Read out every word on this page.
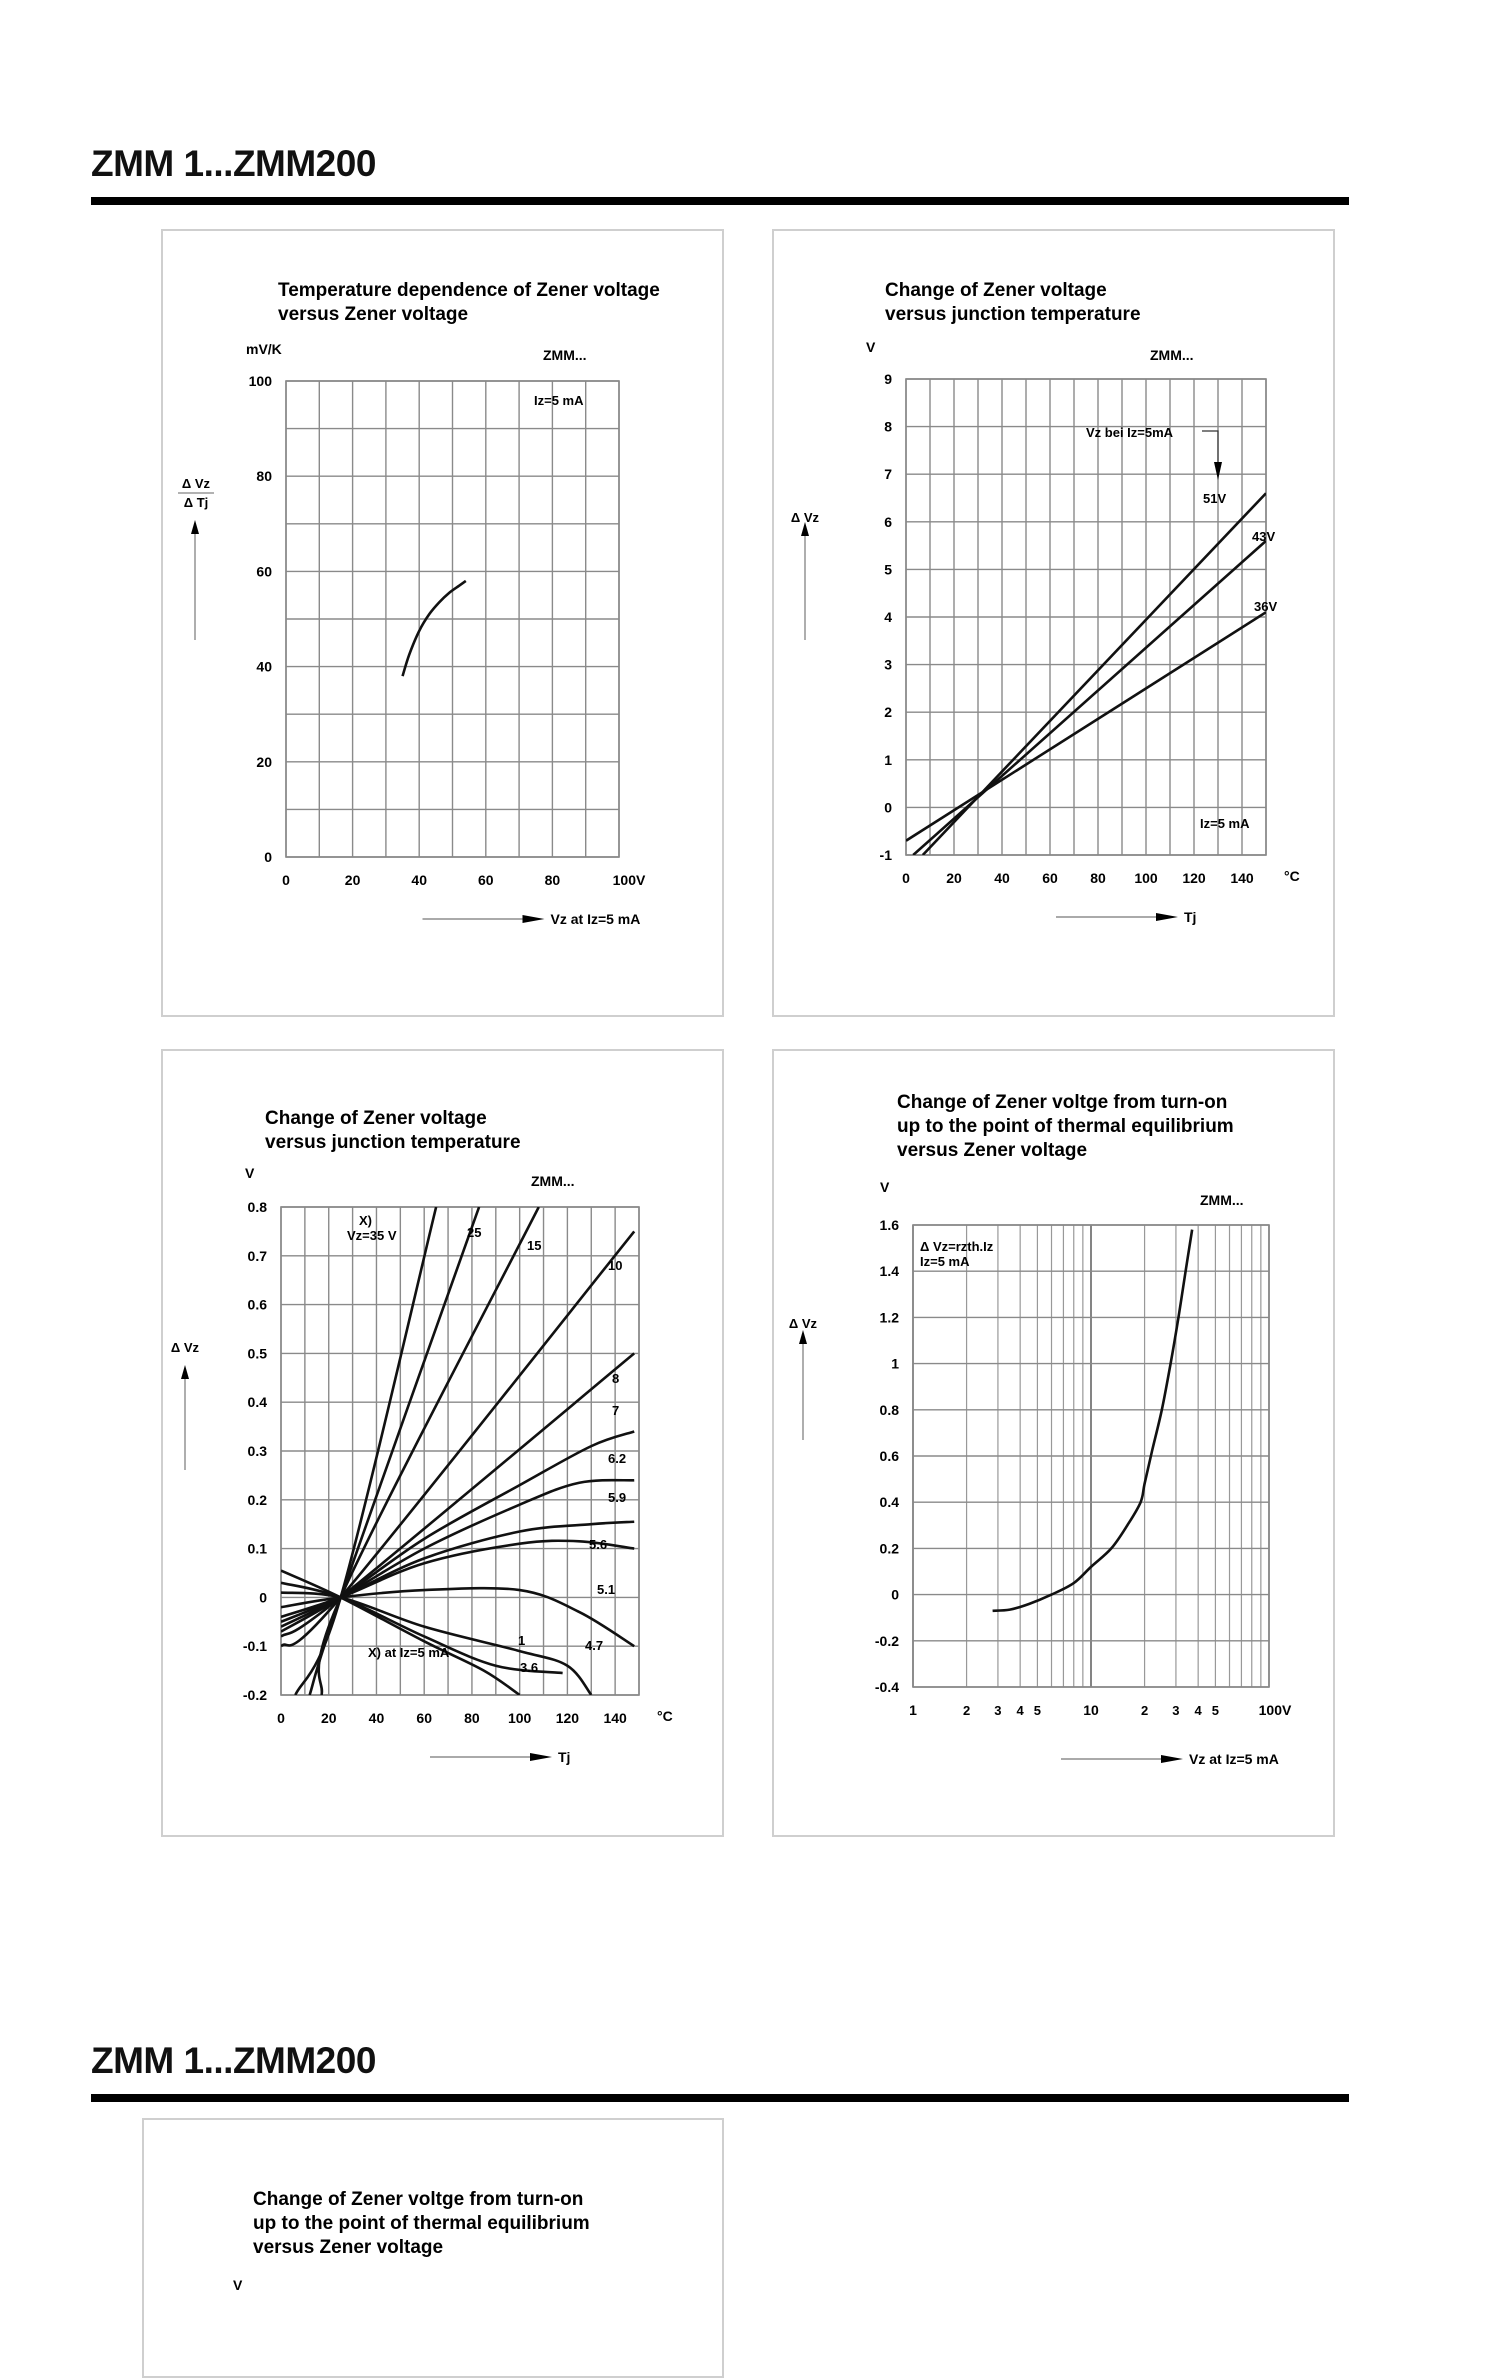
ZMM 1...ZMM200
ZMM 1...ZMM200
Temperature dependence of Zener voltage
versus Zener voltage
mV/K	ZMM...
0
20
40
60
80
100
0	20	40	60	80	100V
Δ Vz
Δ Tj
Vz at Iz=5 mA
Change of Zener voltage
versus junction temperature
V	ZMM...
-1
0
1
2
3
4
5
6
7
8
9
0	20 40 60 80 100 120 140 °C
Δ Vz
Tj
Change of Zener voltage
versus junction temperature
V	ZMM...
-0.2
-0.1
0
0.1
0.2
0.3
0.4
0.5
0.6
0.7
0.8
0	20 40 60 80 100 120 140 °C
Δ Vz
Tj
Change of Zener voltge from turn-on
up to the point of thermal equilibrium
versus Zener voltage
V
ZMM...
-0.4
-0.2
0
0.2
0.4
0.6
0.8
1
1.2
1.4
1.6
1	2 3 4 5	10	2 3 4 5	100V
Δ Vz
Vz at Iz=5 mA
Iz=5 mA
Iz=5 mA
Vz bei Iz=5mA
51V
43V
36V
X)
Vz=35 V
X) at Iz=5 mA
25
15
10
8
7
6.2
5.9
5.6
5.1
4.7
1
3.6
Δ Vz=rzth.Iz
Iz=5 mA
Change of Zener voltge from turn-on
up to the point of thermal equilibrium
versus Zener voltage
V
